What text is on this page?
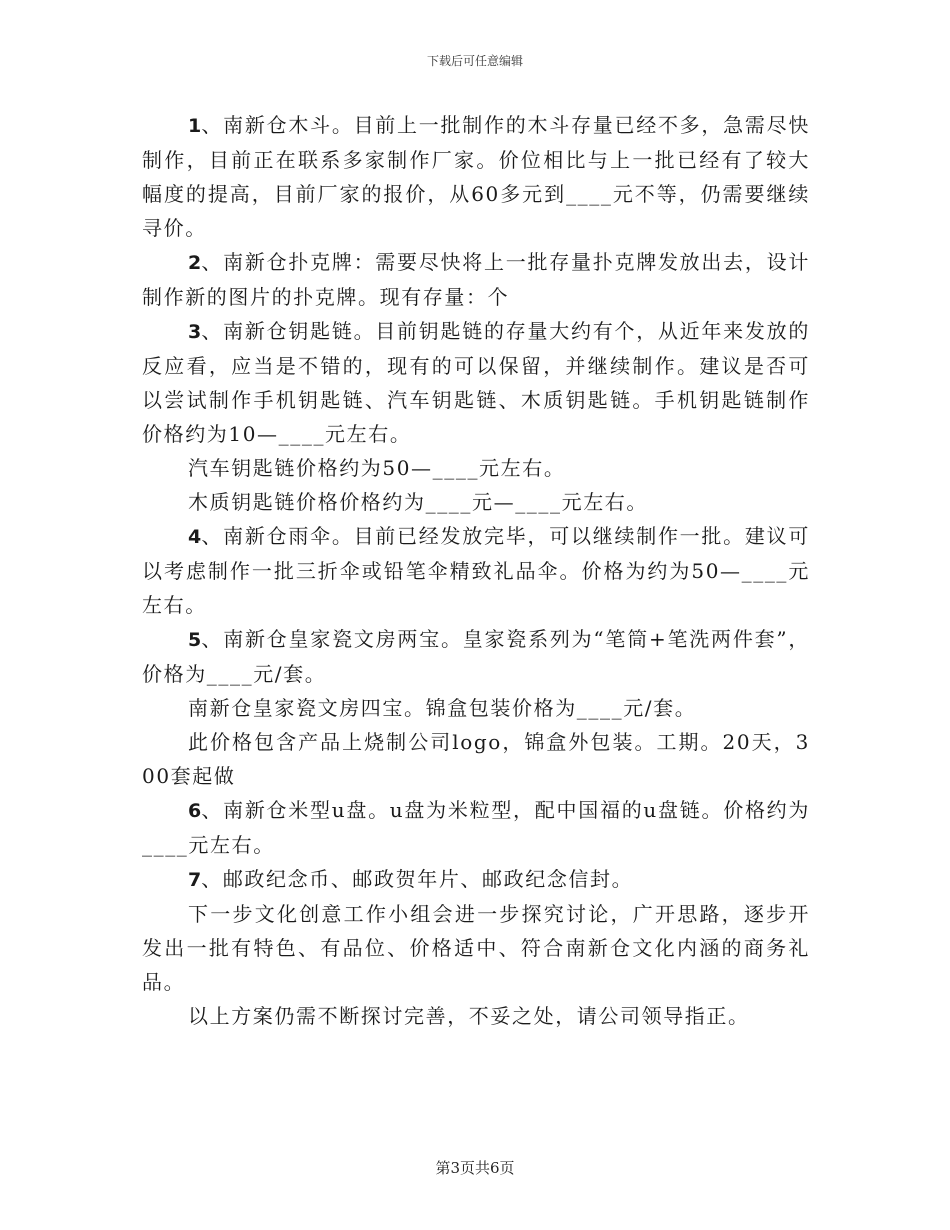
下载后可任意编辑

1、南新仓木斗。目前上一批制作的木斗存量已经不多，急需尽快制作，目前正在联系多家制作厂家。价位相比与上一批已经有了较大幅度的提高，目前厂家的报价，从60多元到____元不等，仍需要继续寻价。

2、南新仓扑克牌：需要尽快将上一批存量扑克牌发放出去，设计制作新的图片的扑克牌。现有存量：个

3、南新仓钥匙链。目前钥匙链的存量大约有个，从近年来发放的反应看，应当是不错的，现有的可以保留，并继续制作。建议是否可以尝试制作手机钥匙链、汽车钥匙链、木质钥匙链。手机钥匙链制作价格约为10—____元左右。

汽车钥匙链价格约为50—____元左右。

木质钥匙链价格价格约为____元—____元左右。

4、南新仓雨伞。目前已经发放完毕，可以继续制作一批。建议可以考虑制作一批三折伞或铅笔伞精致礼品伞。价格为约为50—____元左右。

5、南新仓皇家瓷文房两宝。皇家瓷系列为“笔筒+笔洗两件套”，价格为____元/套。

南新仓皇家瓷文房四宝。锦盒包装价格为____元/套。

此价格包含产品上烧制公司logo，锦盒外包装。工期。20天，300套起做

6、南新仓米型u盘。u盘为米粒型，配中国福的u盘链。价格约为____元左右。

7、邮政纪念币、邮政贺年片、邮政纪念信封。

下一步文化创意工作小组会进一步探究讨论，广开思路，逐步开发出一批有特色、有品位、价格适中、符合南新仓文化内涵的商务礼品。

以上方案仍需不断探讨完善，不妥之处，请公司领导指正。

第3页共6页
